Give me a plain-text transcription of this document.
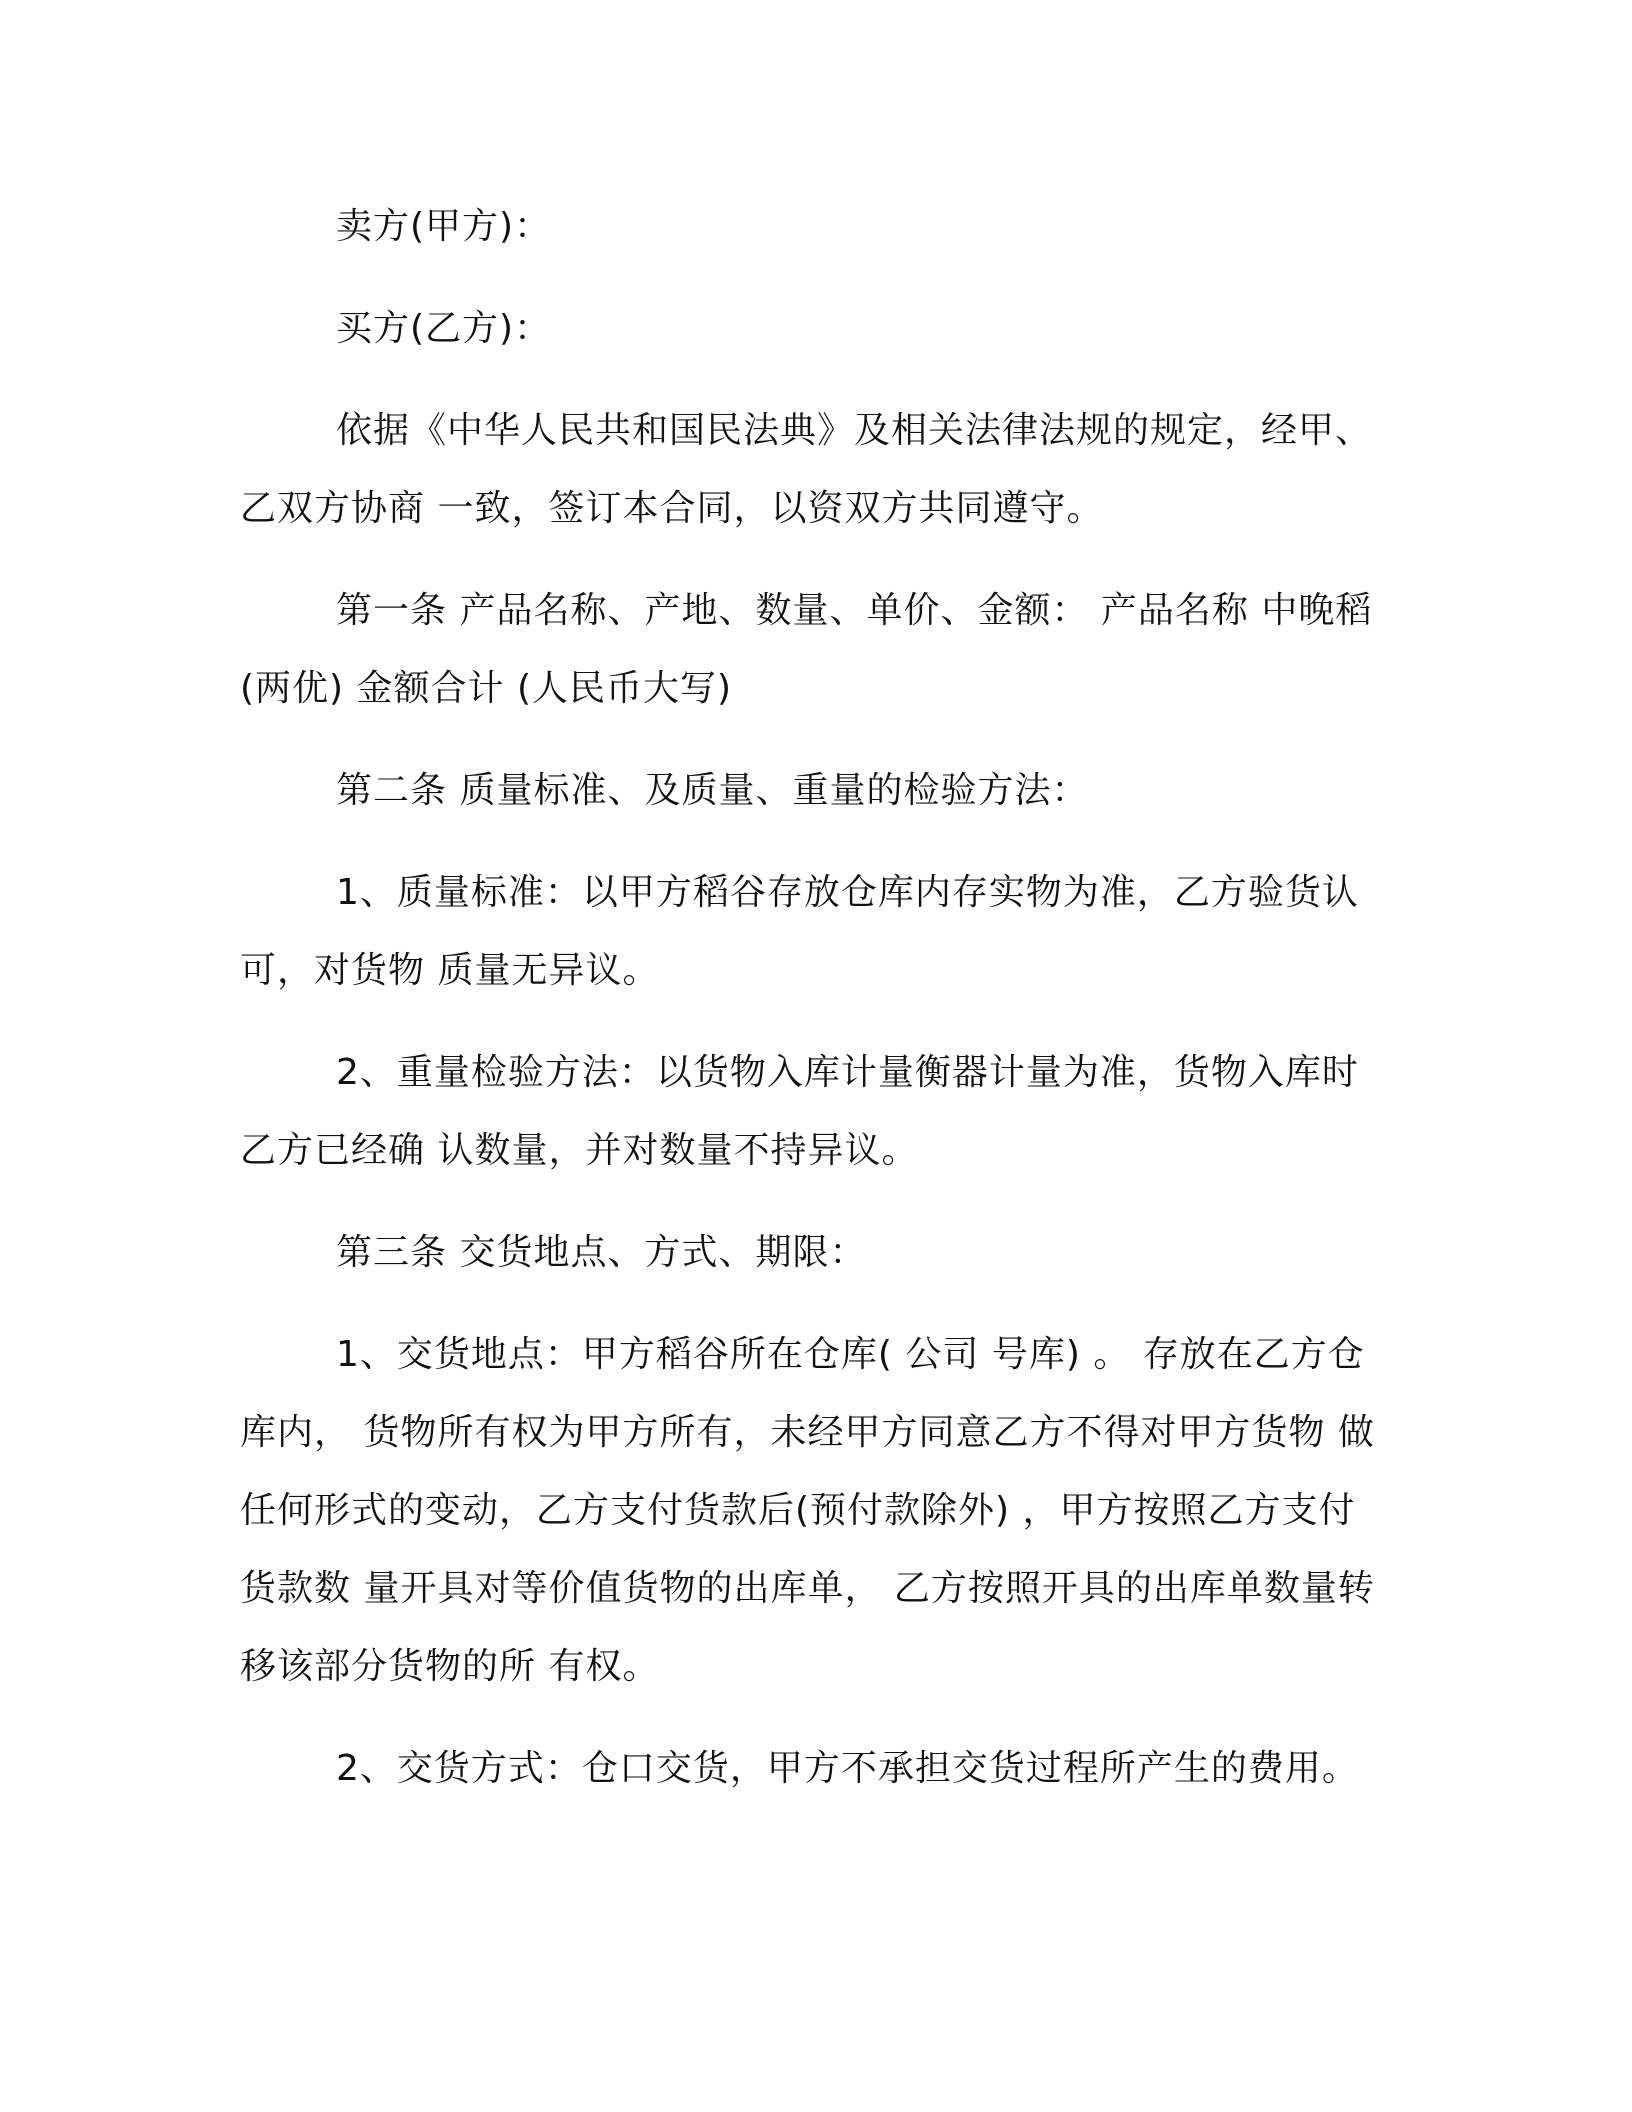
卖方(甲方)：

买方(乙方)：

依据《中华人民共和国民法典》及相关法律法规的规定，经甲、乙双方协商 一致，签订本合同，以资双方共同遵守。

第一条 产品名称、产地、数量、单价、金额： 产品名称 中晚稻(两优) 金额合计 (人民币大写)

第二条 质量标准、及质量、重量的检验方法：

1、质量标准：以甲方稻谷存放仓库内存实物为准，乙方验货认可，对货物 质量无异议。

2、重量检验方法：以货物入库计量衡器计量为准，货物入库时乙方已经确 认数量，并对数量不持异议。

第三条 交货地点、方式、期限：

1、交货地点：甲方稻谷所在仓库( 公司 号库) 。 存放在乙方仓库内， 货物所有权为甲方所有，未经甲方同意乙方不得对甲方货物 做任何形式的变动，乙方支付货款后(预付款除外) ，甲方按照乙方支付货款数 量开具对等价值货物的出库单， 乙方按照开具的出库单数量转移该部分货物的所 有权。

2、交货方式：仓口交货，甲方不承担交货过程所产生的费用。
